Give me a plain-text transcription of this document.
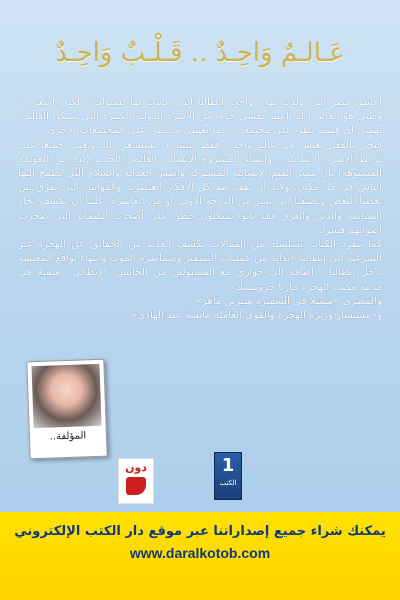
عَـالـمٌ وَاحِـدٌ .. قَـلْـبٌ وَاحِـدٌ

أعشق مصر التي ولدت بها ، وأحب إيطاليا التي عشت بها لسنوات . لكني أشعر أن وطني هو العالم ! لذا أعتبر نفسي جزءا من الأسرة الدولية الكبيرة التي تسكن العالم . تهمني أي قضية تطرأ على مجتمعي ، كما يعنيني ما يطرأ على المجتمعات الأخرى.

فنحن بالفعل نعيش في عالم واحد . فقط علينا أن نستشعر ذلك ونعمل جميعا على ترابط الأسرة الإنسانية . وإنشاء المشروع الإنساني العالمي الجديد (بدلا من العولمة المشبوهة) بأن ننشر القيم الإنسانية المشتركة وأسس العدالة والسلام التي يطمح إليها الناس في كل مكان. ولابد أن نقف ضد كل الأفكار العنصرية والقوانين التي تفرق بين بعضنا البعض وتصنفنا إلى بشر من الدرجة الأولى أو من العاشرة. علينا أن نكشف تجار السياسة والدين والعرق فقد باتوا يشكلون خطرا على أصحاب الضمائر التي ضجرت أصواتهم فسرا.

كما يتفرد الكتاب بسلسلة من المقالات تكشف العديد من الحقائق عن الهجرة غير الشرعية إلى إيطاليا «بداية من عمليات التسفير وسماسرة الموت وانتهاء بواقع المعيشة داخل إيطاليا». إضافة إلى حواري مع المسئولين من الجانبين: الإيطالى «متمثلا فى مدينة مكتب الهجرة ماريا جروبيسك»..

والمصرى «متمثلا فى السفيرة شيرين ماهر» ..

و«مستشار وزيرة الهجرة والقوى العاملة مانشة عبد الهادي».

المؤلفة..
دون	1
الكتب
يمكنك شراء جميع إصداراتنا عبر موقع دار الكتب الإلكتروني
www.daralkotob.com
